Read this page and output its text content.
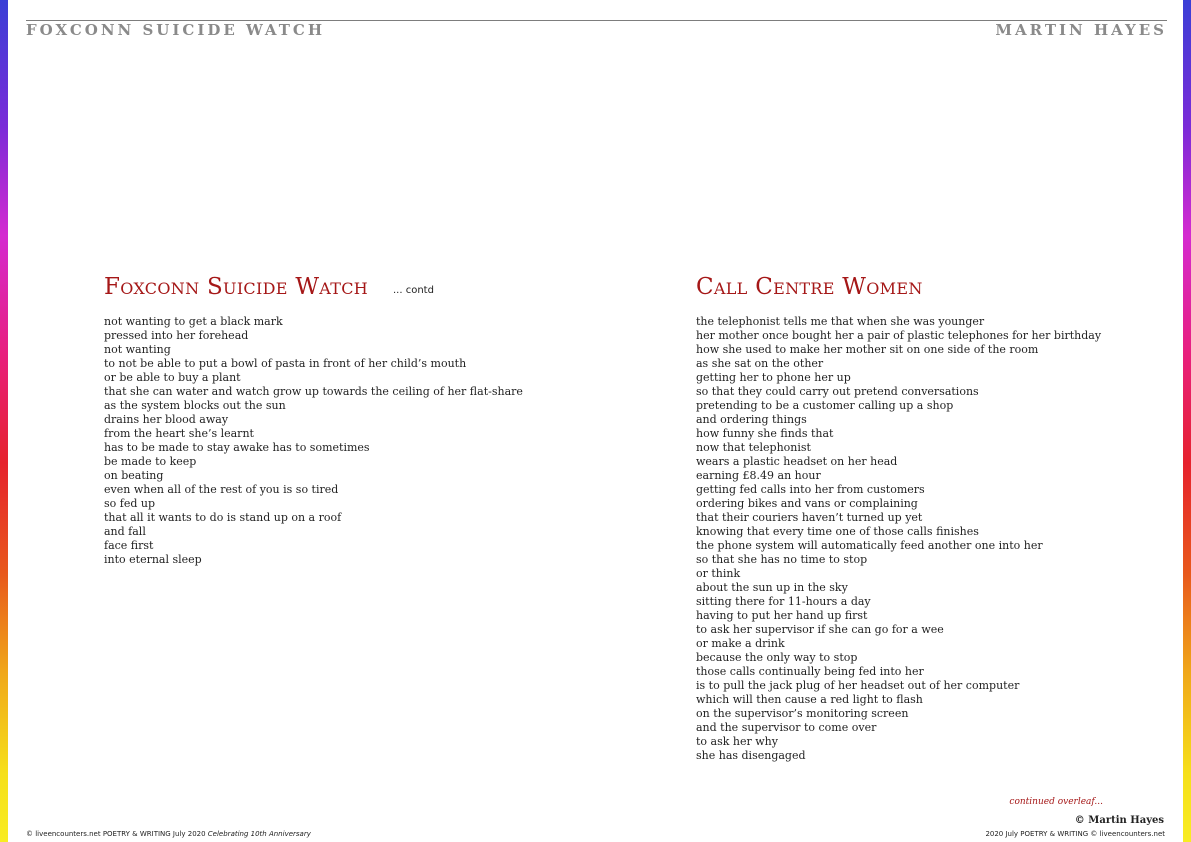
FOXCONN SUICIDE WATCH	MARTIN HAYES
Foxconn Suicide Watch ... contd
not wanting to get a black mark
pressed into her forehead
not wanting
to not be able to put a bowl of pasta in front of her child’s mouth
or be able to buy a plant
that she can water and watch grow up towards the ceiling of her flat-share
as the system blocks out the sun
drains her blood away
from the heart she’s learnt
has to be made to stay awake has to sometimes
be made to keep
on beating
even when all of the rest of you is so tired
so fed up
that all it wants to do is stand up on a roof
and fall
face first
into eternal sleep
Call Centre Women
the telephonist tells me that when she was younger
her mother once bought her a pair of plastic telephones for her birthday
how she used to make her mother sit on one side of the room
as she sat on the other
getting her to phone her up
so that they could carry out pretend conversations
pretending to be a customer calling up a shop
and ordering things
how funny she finds that
now that telephonist
wears a plastic headset on her head
earning £8.49 an hour
getting fed calls into her from customers
ordering bikes and vans or complaining
that their couriers haven’t turned up yet
knowing that every time one of those calls finishes
the phone system will automatically feed another one into her
so that she has no time to stop
or think
about the sun up in the sky
sitting there for 11-hours a day
having to put her hand up first
to ask her supervisor if she can go for a wee
or make a drink
because the only way to stop
those calls continually being fed into her
is to pull the jack plug of her headset out of her computer
which will then cause a red light to flash
on the supervisor’s monitoring screen
and the supervisor to come over
to ask her why
she has disengaged
continued overleaf...
© Martin Hayes
© liveencounters.net POETRY & WRITING July 2020 Celebrating 10th Anniversary	2020 July POETRY & WRITING © liveencounters.net
